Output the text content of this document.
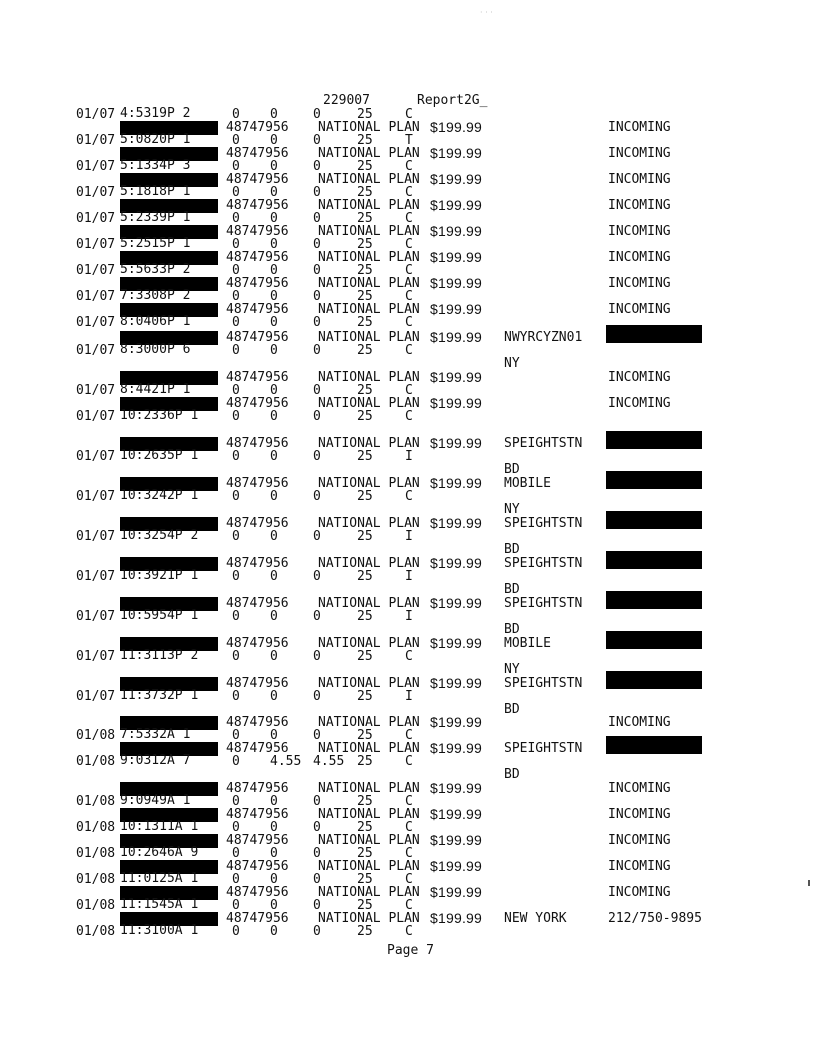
· · ·
229007	Report2G_
01/07 4:5319P 2	0 0	0	25 C
48747956 NATIONAL PLAN $199.99	INCOMING
01/07 5:0820P 1	0 0	0	25 T
48747956 NATIONAL PLAN $199.99	INCOMING
01/07 5:1334P 3	0 0	0	25 C
48747956 NATIONAL PLAN $199.99	INCOMING
01/07 5:1818P 1	0 0	0	25 C
48747956 NATIONAL PLAN $199.99	INCOMING
01/07 5:2339P 1	0 0	0	25 C
48747956 NATIONAL PLAN $199.99	INCOMING
01/07 5:2515P 1	0 0	0	25 C
48747956 NATIONAL PLAN $199.99	INCOMING
01/07 5:5633P 2	0 0	0	25 C
48747956 NATIONAL PLAN $199.99	INCOMING
01/07 7:3308P 2	0 0	0	25 C
48747956 NATIONAL PLAN $199.99	INCOMING
01/07 8:0406P 1	0 0	0	25 C
48747956 NATIONAL PLAN $199.99 NWYRCYZN01
NY
01/07 8:3000P 6	0 0	0	25 C
48747956 NATIONAL PLAN $199.99	INCOMING
01/07 8:4421P 1	0 0	0	25 C
48747956 NATIONAL PLAN $199.99	INCOMING
01/07 10:2336P 1	0 0	0	25 C
48747956 NATIONAL PLAN $199.99 SPEIGHTSTN
BD
01/07 10:2635P 1	0 0	0	25 I
48747956 NATIONAL PLAN $199.99 MOBILE
NY
01/07 10:3242P 1	0 0	0	25 C
48747956 NATIONAL PLAN $199.99 SPEIGHTSTN
BD
01/07 10:3254P 2	0 0	0	25 I
48747956 NATIONAL PLAN $199.99 SPEIGHTSTN
BD
01/07 10:3921P 1	0 0	0	25 I
48747956 NATIONAL PLAN $199.99 SPEIGHTSTN
BD
01/07 10:5954P 1	0 0	0	25 I
48747956 NATIONAL PLAN $199.99 MOBILE
NY
01/07 11:3113P 2	0 0	0	25 C
48747956 NATIONAL PLAN $199.99 SPEIGHTSTN
BD
01/07 11:3732P 1	0 0	0	25 I
48747956 NATIONAL PLAN $199.99	INCOMING
01/08 7:5332A 1	0 0	0	25 C
48747956 NATIONAL PLAN $199.99 SPEIGHTSTN
BD
01/08 9:0312A 7	0 4.55 4.55 25 C
48747956 NATIONAL PLAN $199.99	INCOMING
01/08 9:0949A 1	0 0	0	25 C
48747956 NATIONAL PLAN $199.99	INCOMING
01/08 10:1311A 1	0 0	0	25 C
48747956 NATIONAL PLAN $199.99	INCOMING
01/08 10:2646A 9	0 0	0	25 C
48747956 NATIONAL PLAN $199.99	INCOMING
01/08 11:0125A 1	0 0	0	25 C
48747956 NATIONAL PLAN $199.99	INCOMING
01/08 11:1545A 1	0 0	0	25 C
48747956 NATIONAL PLAN $199.99 NEW YORK	212/750-9895
01/08 11:3100A 1	0 0	0	25 C
Page 7
